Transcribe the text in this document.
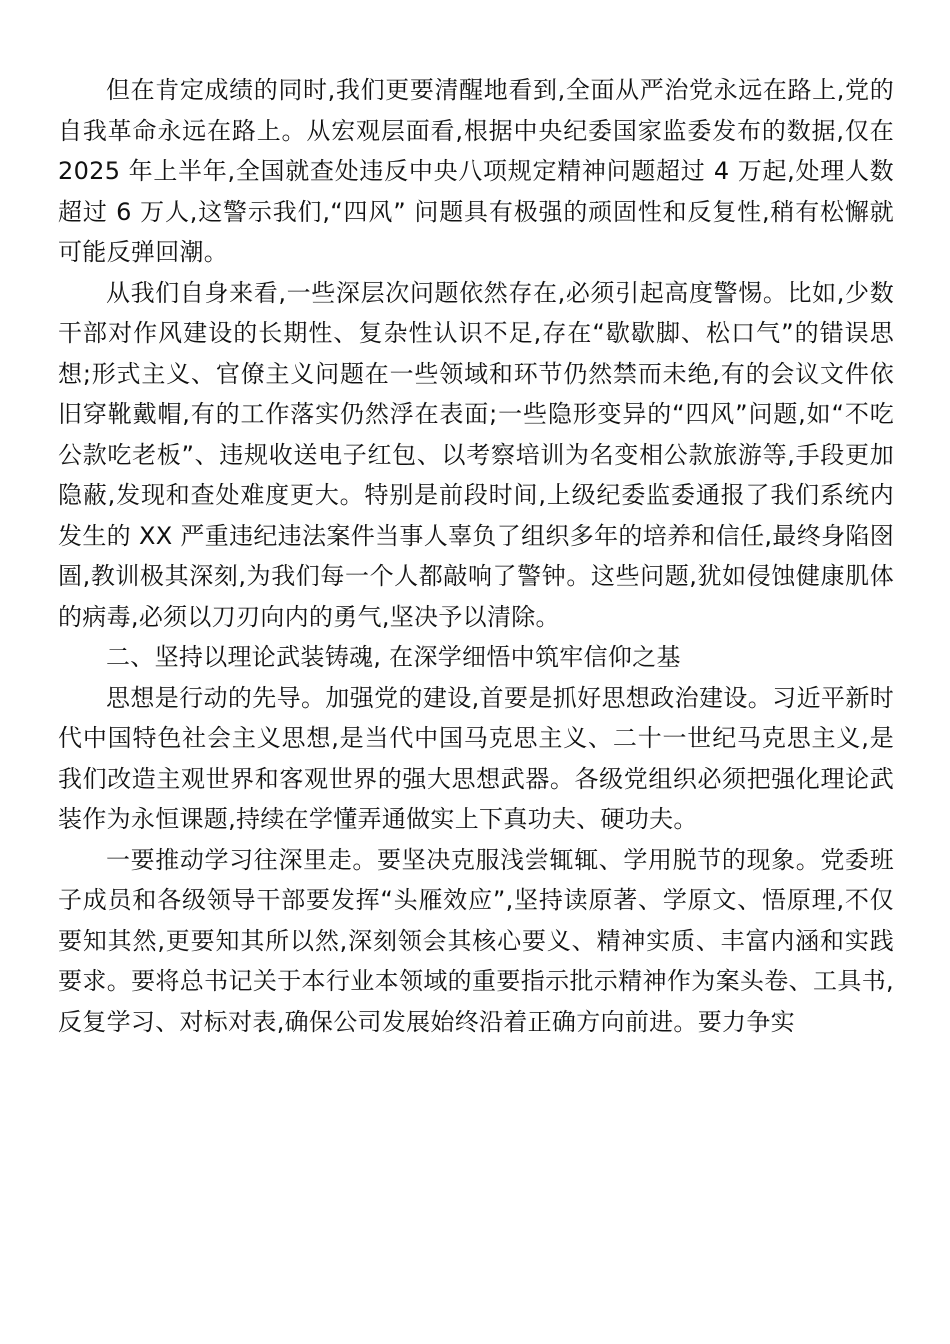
但在肯定成绩的同时,我们更要清醒地看到,全面从严治党永远在路上,党的自我革命永远在路上。从宏观层面看,根据中央纪委国家监委发布的数据,仅在 2025 年上半年,全国就查处违反中央八项规定精神问题超过 4 万起,处理人数超过 6 万人,这警示我们,“四风” 问题具有极强的顽固性和反复性,稍有松懈就可能反弹回潮。

从我们自身来看,一些深层次问题依然存在,必须引起高度警惕。比如,少数干部对作风建设的长期性、复杂性认识不足,存在“歇歇脚、松口气”的错误思想;形式主义、官僚主义问题在一些领域和环节仍然禁而未绝,有的会议文件依旧穿靴戴帽,有的工作落实仍然浮在表面;一些隐形变异的“四风”问题,如“不吃公款吃老板”、违规收送电子红包、以考察培训为名变相公款旅游等,手段更加隐蔽,发现和查处难度更大。特别是前段时间,上级纪委监委通报了我们系统内发生的 XX 严重违纪违法案件当事人辜负了组织多年的培养和信任,最终身陷囹圄,教训极其深刻,为我们每一个人都敲响了警钟。这些问题,犹如侵蚀健康肌体的病毒,必须以刀刃向内的勇气,坚决予以清除。

二、坚持以理论武装铸魂, 在深学细悟中筑牢信仰之基

思想是行动的先导。加强党的建设,首要是抓好思想政治建设。习近平新时代中国特色社会主义思想,是当代中国马克思主义、二十一世纪马克思主义,是我们改造主观世界和客观世界的强大思想武器。各级党组织必须把强化理论武装作为永恒课题,持续在学懂弄通做实上下真功夫、硬功夫。

一要推动学习往深里走。要坚决克服浅尝辄辄、学用脱节的现象。党委班子成员和各级领导干部要发挥“头雁效应”,坚持读原著、学原文、悟原理,不仅要知其然,更要知其所以然,深刻领会其核心要义、精神实质、丰富内涵和实践要求。要将总书记关于本行业本领域的重要指示批示精神作为案头卷、工具书,反复学习、对标对表,确保公司发展始终沿着正确方向前进。要力争实
